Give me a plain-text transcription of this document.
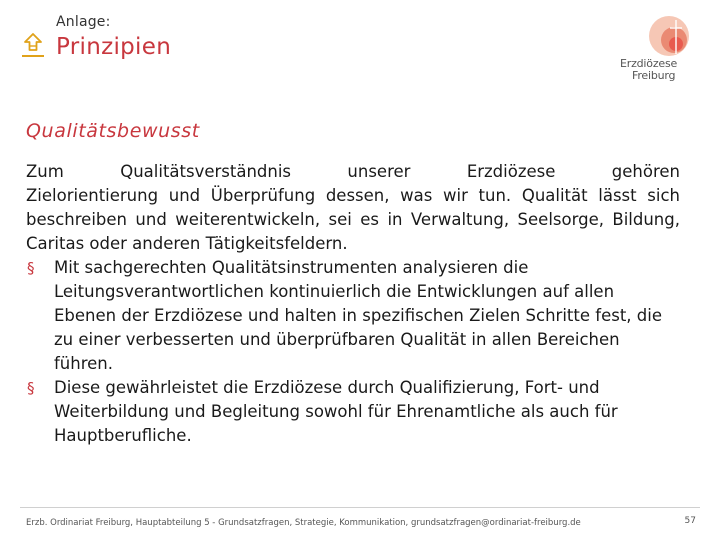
Anlage:
Prinzipien
Erzdiözese
Freiburg
Qualitätsbewusst

Zum Qualitätsverständnis unserer Erzdiözese gehören

Zielorientierung und Überprüfung dessen, was wir tun. Qualität lässt sich beschreiben und weiterentwickeln, sei es in Verwaltung, Seelsorge, Bildung, Caritas oder anderen Tätigkeitsfeldern.

§ Mit sachgerechten Qualitätsinstrumenten analysieren die Leitungsverantwortlichen kontinuierlich die Entwicklungen auf allen Ebenen der Erzdiözese und halten in spezifischen Zielen Schritte fest, die zu einer verbesserten und überprüfbaren Qualität in allen Bereichen führen.
§ Diese gewährleistet die Erzdiözese durch Qualifizierung, Fort- und Weiterbildung und Begleitung sowohl für Ehrenamtliche als auch für Hauptberufliche.
Erzb. Ordinariat Freiburg, Hauptabteilung 5 - Grundsatzfragen, Strategie, Kommunikation, grundsatzfragen@ordinariat-freiburg.de	57
